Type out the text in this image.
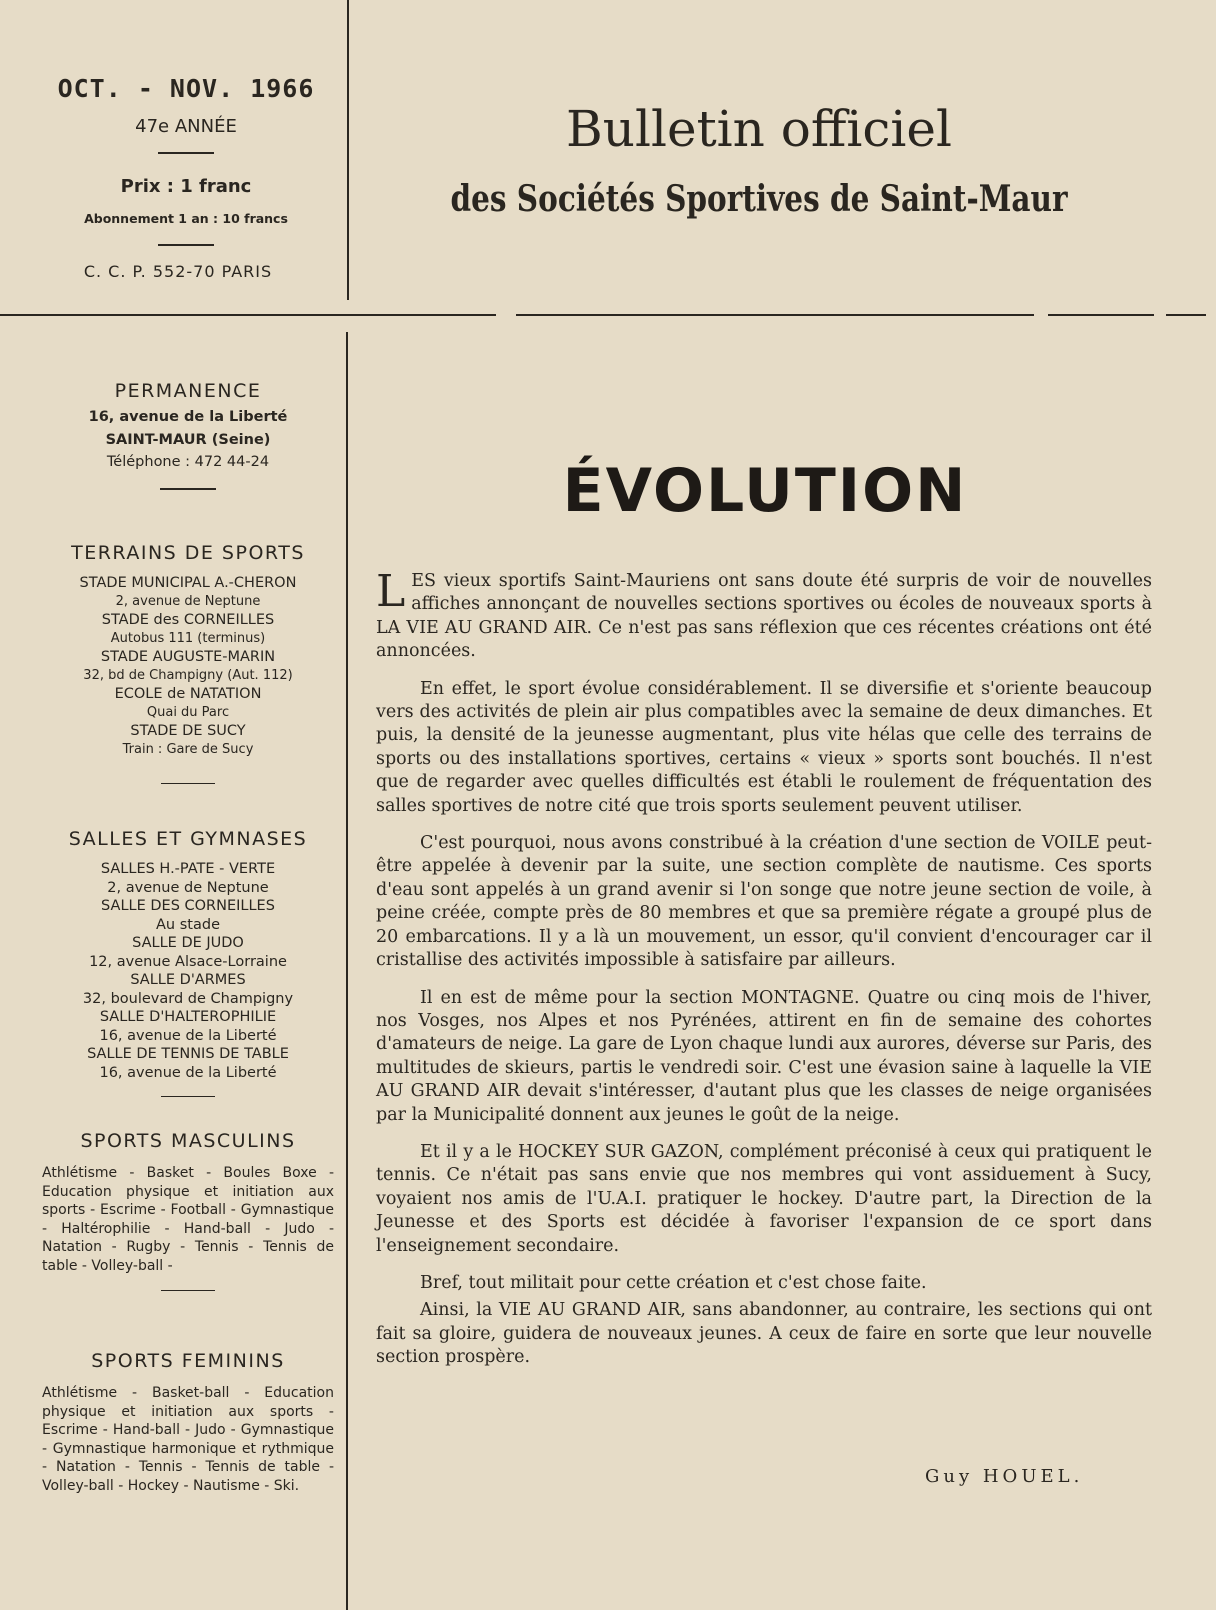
OCT. - NOV. 1966
47e ANNÉE
Prix : 1 franc
Abonnement 1 an : 10 francs
C. C. P. 552-70 PARIS
Bulletin officiel
des Sociétés Sportives de Saint-Maur
PERMANENCE
16, avenue de la Liberté
SAINT-MAUR (Seine)
Téléphone : 472 44-24
TERRAINS DE SPORTS
STADE MUNICIPAL A.-CHERON
2, avenue de Neptune
STADE des CORNEILLES
Autobus 111 (terminus)
STADE AUGUSTE-MARIN
32, bd de Champigny (Aut. 112)
ECOLE de NATATION
Quai du Parc
STADE DE SUCY
Train : Gare de Sucy
SALLES ET GYMNASES
SALLES H.-PATE - VERTE
2, avenue de Neptune
SALLE DES CORNEILLES
Au stade
SALLE DE JUDO
12, avenue Alsace-Lorraine
SALLE D'ARMES
32, boulevard de Champigny
SALLE D'HALTEROPHILIE
16, avenue de la Liberté
SALLE DE TENNIS DE TABLE
16, avenue de la Liberté
SPORTS MASCULINS
Athlétisme - Basket - Boules Boxe - Education physique et initiation aux sports - Escrime - Football - Gymnastique - Haltérophilie - Hand-ball - Judo - Natation - Rugby - Tennis - Tennis de table - Volley-ball -
SPORTS FEMININS
Athlétisme - Basket-ball - Education physique et initiation aux sports - Escrime - Hand-ball - Judo - Gymnastique - Gymnastique harmonique et rythmique - Natation - Tennis - Tennis de table - Volley-ball - Hockey - Nautisme - Ski.
ÉVOLUTION

LES vieux sportifs Saint-Mauriens ont sans doute été surpris de voir de nouvelles affiches annonçant de nouvelles sections sportives ou écoles de nouveaux sports à LA VIE AU GRAND AIR. Ce n'est pas sans réflexion que ces récentes créations ont été annoncées.

En effet, le sport évolue considérablement. Il se diversifie et s'oriente beaucoup vers des activités de plein air plus compatibles avec la semaine de deux dimanches. Et puis, la densité de la jeunesse augmentant, plus vite hélas que celle des terrains de sports ou des installations sportives, certains « vieux » sports sont bouchés. Il n'est que de regarder avec quelles difficultés est établi le roulement de fréquentation des salles sportives de notre cité que trois sports seulement peuvent utiliser.

C'est pourquoi, nous avons constribué à la création d'une section de VOILE peut-être appelée à devenir par la suite, une section complète de nautisme. Ces sports d'eau sont appelés à un grand avenir si l'on songe que notre jeune section de voile, à peine créée, compte près de 80 membres et que sa première régate a groupé plus de 20 embarcations. Il y a là un mouvement, un essor, qu'il convient d'encourager car il cristallise des activités impossible à satisfaire par ailleurs.

Il en est de même pour la section MONTAGNE. Quatre ou cinq mois de l'hiver, nos Vosges, nos Alpes et nos Pyrénées, attirent en fin de semaine des cohortes d'amateurs de neige. La gare de Lyon chaque lundi aux aurores, déverse sur Paris, des multitudes de skieurs, partis le vendredi soir. C'est une évasion saine à laquelle la VIE AU GRAND AIR devait s'intéresser, d'autant plus que les classes de neige organisées par la Municipalité donnent aux jeunes le goût de la neige.

Et il y a le HOCKEY SUR GAZON, complément préconisé à ceux qui pratiquent le tennis. Ce n'était pas sans envie que nos membres qui vont assiduement à Sucy, voyaient nos amis de l'U.A.I. pratiquer le hockey. D'autre part, la Direction de la Jeunesse et des Sports est décidée à favoriser l'expansion de ce sport dans l'enseignement secondaire.

Bref, tout militait pour cette création et c'est chose faite.

Ainsi, la VIE AU GRAND AIR, sans abandonner, au contraire, les sections qui ont fait sa gloire, guidera de nouveaux jeunes. A ceux de faire en sorte que leur nouvelle section prospère.

Guy HOUEL.
